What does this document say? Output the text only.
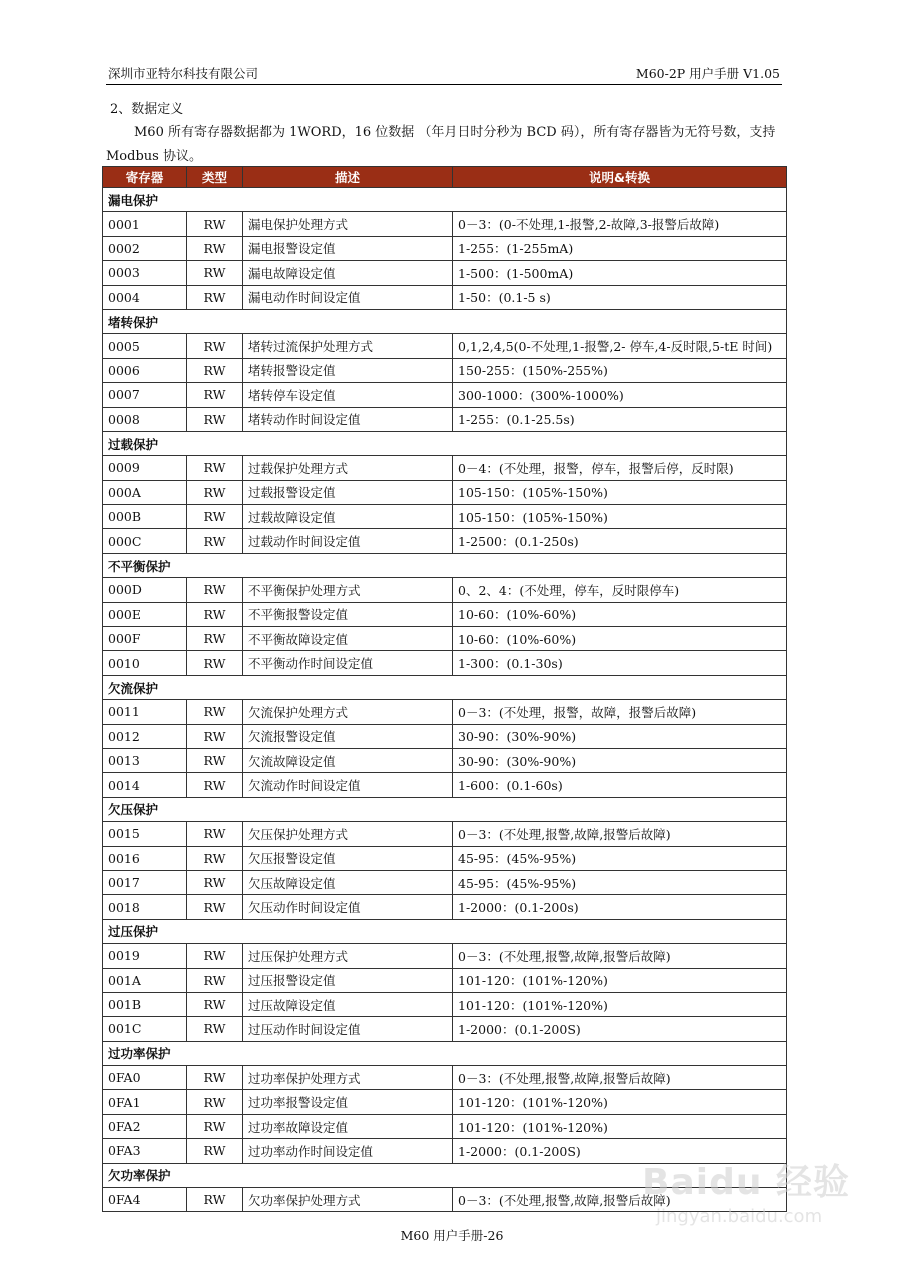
深圳市亚特尔科技有限公司	M60-2P 用户手册 V1.05
2、数据定义
M60 所有寄存器数据都为 1WORD，16 位数据 （年月日时分秒为 BCD 码），所有寄存器皆为无符号数，支持 Modbus 协议。
寄存器	类型	描述	说明&转换
漏电保护			
0001	RW	漏电保护处理方式	0－3：(0-不处理,1-报警,2-故障,3-报警后故障)
0002	RW	漏电报警设定值	1-255：(1-255mA)
0003	RW	漏电故障设定值	1-500：(1-500mA)
0004	RW	漏电动作时间设定值	1-50：(0.1-5 s)
堵转保护			
0005	RW	堵转过流保护处理方式	0,1,2,4,5(0-不处理,1-报警,2- 停车,4-反时限,5-tE 时间)
0006	RW	堵转报警设定值	150-255：(150%-255%)
0007	RW	堵转停车设定值	300-1000：(300%-1000%)
0008	RW	堵转动作时间设定值	1-255：(0.1-25.5s)
过载保护			
0009	RW	过载保护处理方式	0－4：(不处理，报警，停车，报警后停，反时限)
000A	RW	过载报警设定值	105-150：(105%-150%)
000B	RW	过载故障设定值	105-150：(105%-150%)
000C	RW	过载动作时间设定值	1-2500：(0.1-250s)
不平衡保护			
000D	RW	不平衡保护处理方式	0、2、4：(不处理，停车，反时限停车)
000E	RW	不平衡报警设定值	10-60：(10%-60%)
000F	RW	不平衡故障设定值	10-60：(10%-60%)
0010	RW	不平衡动作时间设定值	1-300：(0.1-30s)
欠流保护			
0011	RW	欠流保护处理方式	0－3：(不处理，报警，故障，报警后故障)
0012	RW	欠流报警设定值	30-90：(30%-90%)
0013	RW	欠流故障设定值	30-90：(30%-90%)
0014	RW	欠流动作时间设定值	1-600：(0.1-60s)
欠压保护			
0015	RW	欠压保护处理方式	0－3：(不处理,报警,故障,报警后故障)
0016	RW	欠压报警设定值	45-95：(45%-95%)
0017	RW	欠压故障设定值	45-95：(45%-95%)
0018	RW	欠压动作时间设定值	1-2000：(0.1-200s)
过压保护			
0019	RW	过压保护处理方式	0－3：(不处理,报警,故障,报警后故障)
001A	RW	过压报警设定值	101-120：(101%-120%)
001B	RW	过压故障设定值	101-120：(101%-120%)
001C	RW	过压动作时间设定值	1-2000：(0.1-200S)
过功率保护			
0FA0	RW	过功率保护处理方式	0－3：(不处理,报警,故障,报警后故障)
0FA1	RW	过功率报警设定值	101-120：(101%-120%)
0FA2	RW	过功率故障设定值	101-120：(101%-120%)
0FA3	RW	过功率动作时间设定值	1-2000：(0.1-200S)
欠功率保护			
0FA4	RW	欠功率保护处理方式	0－3：(不处理,报警,故障,报警后故障)
M60 用户手册-26
Baidu 经验
jingyan.baidu.com
